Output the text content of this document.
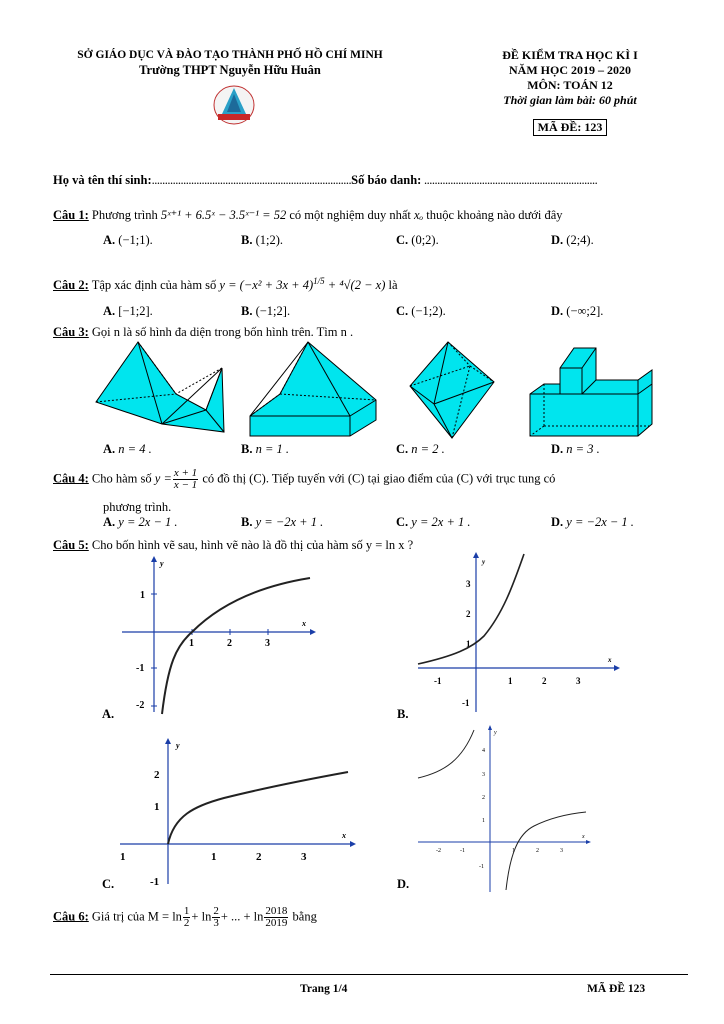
SỞ GIÁO DỤC VÀ ĐÀO TẠO THÀNH PHỐ HỒ CHÍ MINH
Trường THPT Nguyễn Hữu Huân
ĐỀ KIỂM TRA HỌC KÌ I
NĂM HỌC 2019 – 2020
MÔN: TOÁN 12
Thời gian làm bài: 60 phút
MÃ ĐỀ: 123
Họ và tên thí sinh:............................................................................Số báo danh: ..................................................................
Câu 1: Phương trình 5ˣ⁺¹ + 6.5ˣ − 3.5ˣ⁻¹ = 52 có một nghiệm duy nhất xₒ thuộc khoảng nào dưới đây
A. (−1;1).	B. (1;2).	C. (0;2).	D. (2;4).
Câu 2: Tập xác định của hàm số $y = (-x^2 + 3x + 4)^{1/5} + ^4√(2 - x)$ là
A. [−1;2].	B. (−1;2].	C. (−1;2).	D. (−∞;2].
Câu 3: Gọi n là số hình đa diện trong bốn hình trên. Tìm n .
A. n = 4 .	B. n = 1 .	C. n = 2 .	D. n = 3 .
Câu 4: Cho hàm số $y = \frac{x + 1}{x - 1}$ có đồ thị (C). Tiếp tuyến với (C) tại giao điểm của (C) với trục tung có
phương trình.
A. y = 2x − 1 .	B. y = −2x + 1 .	C. y = 2x + 1 .	D. y = −2x − 1 .
Câu 5: Cho bốn hình vẽ sau, hình vẽ nào là đồ thị của hàm số y = ln x ?
y
x
1
-1
-2
1	2	3
A.
y
x
3
2
1
-1
-1	1	2	3
B.
y
x
2
1
-1
1	1	2	3
C.
y
x
4
3
2
1
-1
-2	-1	1	2	3
D.
Câu 6: Giá trị của $M = \ln \frac{1}{2} + \ln \frac{2}{3}$ + ... + $\ln \frac{2018}{2019}$ bằng
Trang 1/4	MÃ ĐỀ 123
